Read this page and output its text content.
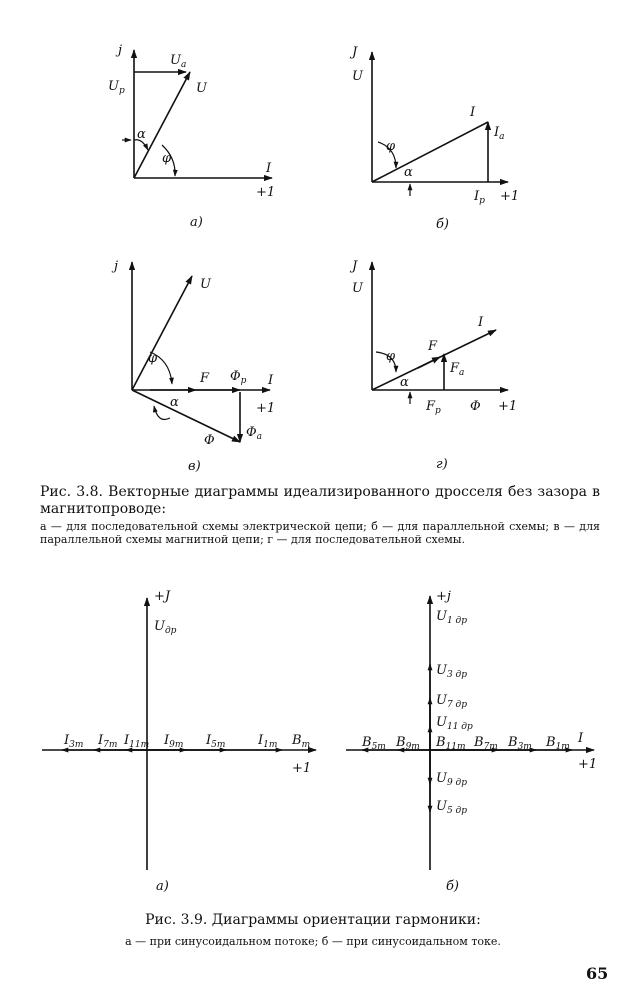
j
$U_a$
U
$U_p$
α
φ
I
+1
а)
J
U
I
$I_a$
φ
α
$I_p +1$
б)
j
U
φ
F $\Phi_p$ I
α	+1
$\Phi_a$
Φ
в)
J
U
I
F
φ
$F_a$
α
$F_p$ Φ +1
г)
+J
$U_{др}$
$I_{3m}$ $I_{7m}$ $I_{11m}$ $I_{9m}$ $I_{5m}$	$I_{1m}$ $B_m$
+1
а)
+j
$U_{1 др}$
$U_{3 др}$
$U_{7 др}$
$U_{11 др}$
$B_{5m}$ $B_{9m}$ $B_{11m}$ $B_{7m}$ $B_{3m}$ $B_{1m}$
I
+1
$U_{9 др}$
$U_{5 др}$
б)
Рис. 3.8. Векторные диаграммы идеализированного дросселя без зазора в магнитопроводе:
а — для последовательной схемы электрической цепи; б — для параллельной схемы; в — для параллельной схемы магнитной цепи; г — для последовательной схемы.
Рис. 3.9. Диаграммы ориентации гармоники:
а — при синусоидальном потоке; б — при синусоидальном токе.
65
